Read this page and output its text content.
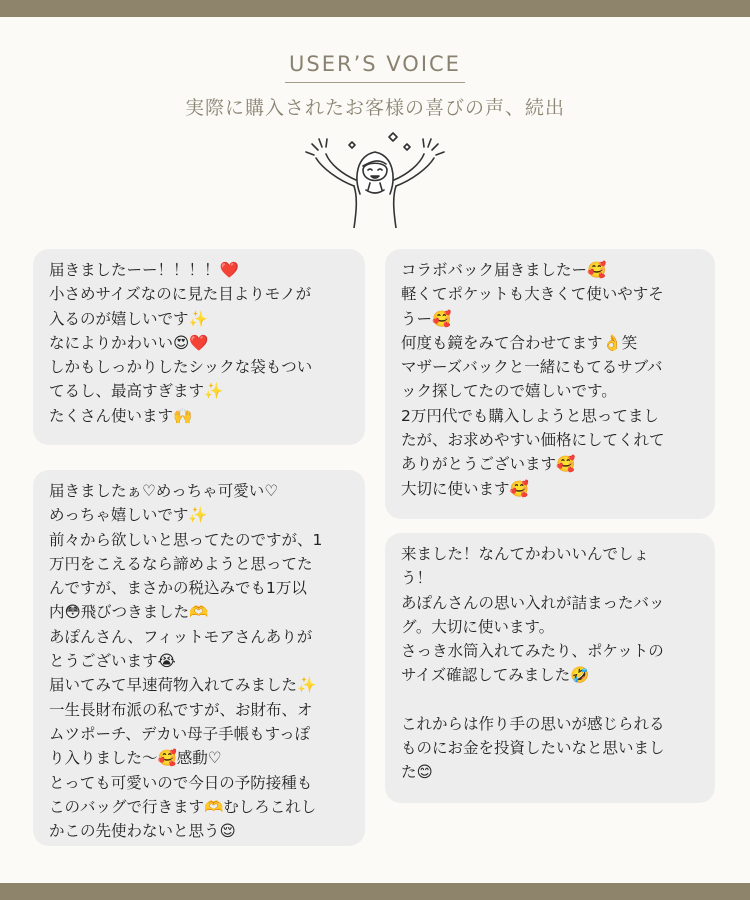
USER’S VOICE
実際に購入されたお客様の喜びの声、続出
届きましたーー！！！！❤️
小さめサイズなのに見た目よりモノが
入るのが嬉しいです✨
なによりかわいい😍❤️
しかもしっかりしたシックな袋もつい
てるし、最高すぎます✨
たくさん使います🙌
届きましたぁ♡めっちゃ可愛い♡
めっちゃ嬉しいです✨
前々から欲しいと思ってたのですが、1
万円をこえるなら諦めようと思ってた
んですが、まさかの税込みでも1万以
内😳飛びつきました🫶
あぽんさん、フィットモアさんありが
とうございます😭
届いてみて早速荷物入れてみました✨
一生長財布派の私ですが、お財布、オ
ムツポーチ、デカい母子手帳もすっぽ
り入りました〜🥰感動♡
とっても可愛いので今日の予防接種も
このバッグで行きます🫶むしろこれし
かこの先使わないと思う😌
コラボバック届きましたー🥰
軽くてポケットも大きくて使いやすそ
うー🥰
何度も鏡をみて合わせてます👌笑
マザーズバックと一緒にもてるサブバ
ック探してたので嬉しいです。
2万円代でも購入しようと思ってまし
たが、お求めやすい価格にしてくれて
ありがとうございます🥰
大切に使います🥰
来ました！なんてかわいいんでしょ
う！
あぽんさんの思い入れが詰まったバッ
グ。大切に使います。
さっき水筒入れてみたり、ポケットの
サイズ確認してみました🤣
これからは作り手の思いが感じられる
ものにお金を投資したいなと思いまし
た😊
